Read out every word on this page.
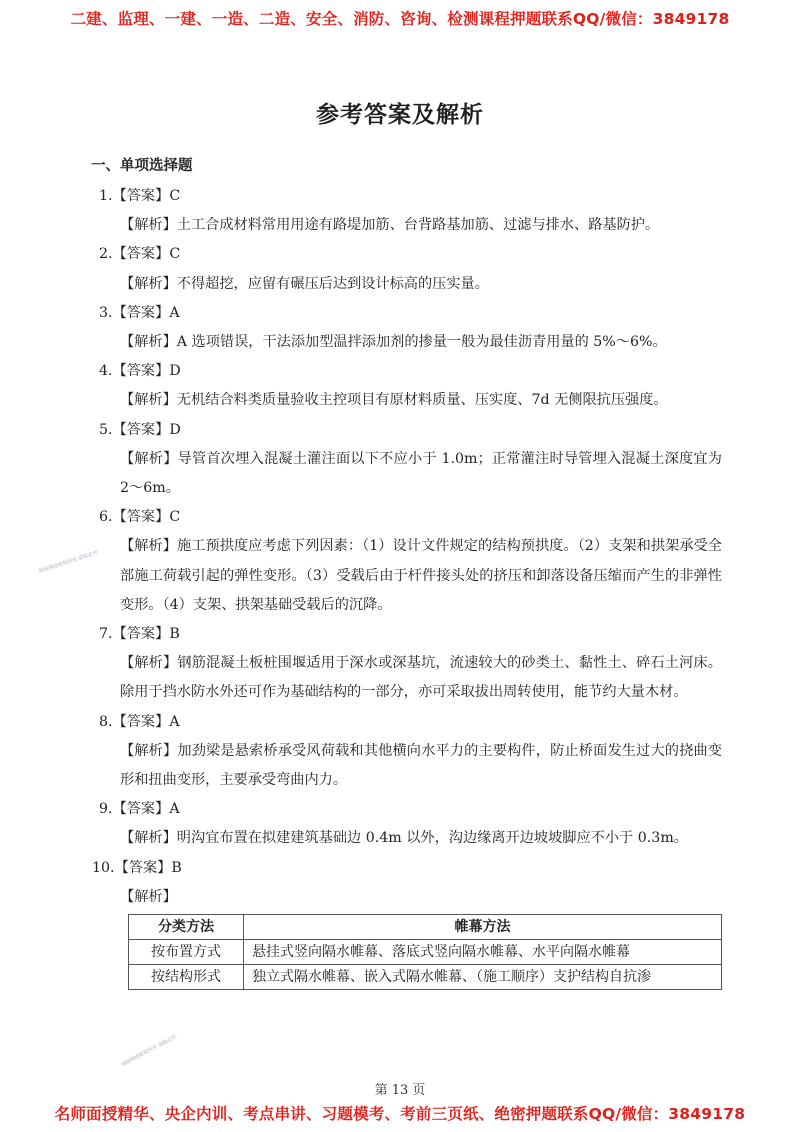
二建、监理、一建、一造、二造、安全、消防、咨询、检测课程押题联系QQ/微信：3849178
参考答案及解析
一、单项选择题
1.【答案】C
【解析】土工合成材料常用用途有路堤加筋、台背路基加筋、过滤与排水、路基防护。
2.【答案】C
【解析】不得超挖，应留有碾压后达到设计标高的压实量。
3.【答案】A
【解析】A 选项错误，干法添加型温拌添加剂的掺量一般为最佳沥青用量的 5%～6%。
4.【答案】D
【解析】无机结合料类质量验收主控项目有原材料质量、压实度、7d 无侧限抗压强度。
5.【答案】D
【解析】导管首次埋入混凝土灌注面以下不应小于 1.0m；正常灌注时导管埋入混凝土深度宜为 2～6m。
6.【答案】C
【解析】施工预拱度应考虑下列因素：（1）设计文件规定的结构预拱度。（2）支架和拱架承受全部施工荷载引起的弹性变形。（3）受载后由于杆件接头处的挤压和卸落设备压缩而产生的非弹性变形。（4）支架、拱架基础受载后的沉降。
7.【答案】B
【解析】钢筋混凝土板桩围堰适用于深水或深基坑，流速较大的砂类土、黏性土、碎石土河床。除用于挡水防水外还可作为基础结构的一部分，亦可采取拔出周转使用，能节约大量木材。
8.【答案】A
【解析】加劲梁是悬索桥承受风荷载和其他横向水平力的主要构件，防止桥面发生过大的挠曲变形和扭曲变形，主要承受弯曲内力。
9.【答案】A
【解析】明沟宜布置在拟建建筑基础边 0.4m 以外，沟边缘离开边坡坡脚应不小于 0.3m。
10.【答案】B
【解析】
分类方法	帷幕方法
按布置方式	悬挂式竖向隔水帷幕、落底式竖向隔水帷幕、水平向隔水帷幕
按结构形式	独立式隔水帷幕、嵌入式隔水帷幕、（施工顺序）支护结构自抗渗
城宿网络版权所有 盗版必究
城宿网络版权所有 盗版必究
第 13 页
名师面授精华、央企内训、考点串讲、习题模考、考前三页纸、绝密押题联系QQ/微信：3849178
